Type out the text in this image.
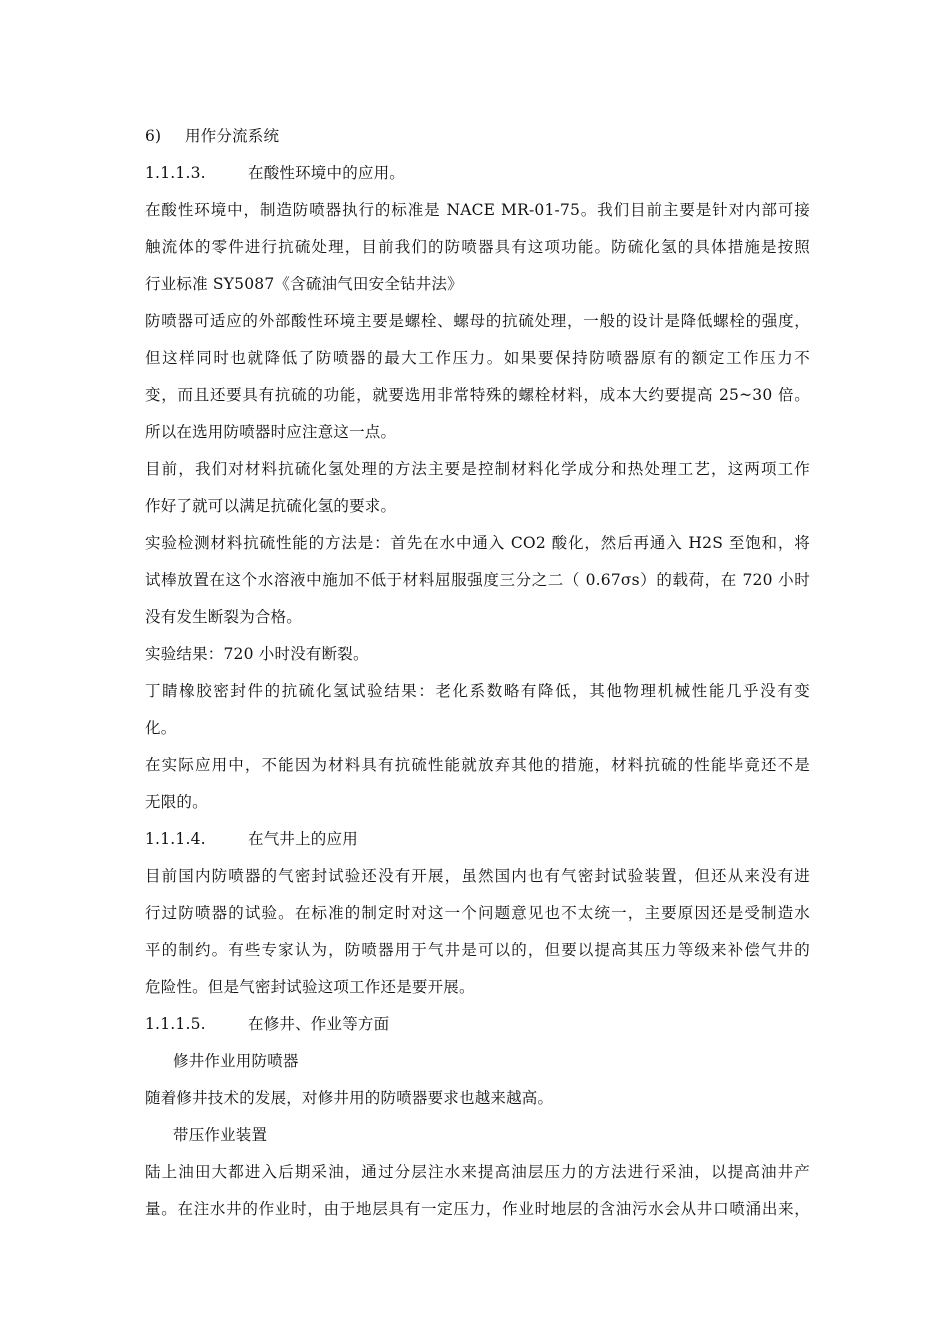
6) 用作分流系统
1.1.1.3.	在酸性环境中的应用。
在酸性环境中，制造防喷器执行的标准是 NACE MR-01-75。我们目前主要是针对内部可接
触流体的零件进行抗硫处理，目前我们的防喷器具有这项功能。防硫化氢的具体措施是按照
行业标准 SY5087《含硫油气田安全钻井法》
防喷器可适应的外部酸性环境主要是螺栓、螺母的抗硫处理，一般的设计是降低螺栓的强度，
但这样同时也就降低了防喷器的最大工作压力。如果要保持防喷器原有的额定工作压力不
变，而且还要具有抗硫的功能，就要选用非常特殊的螺栓材料，成本大约要提高 25~30 倍。
所以在选用防喷器时应注意这一点。
目前，我们对材料抗硫化氢处理的方法主要是控制材料化学成分和热处理工艺，这两项工作
作好了就可以满足抗硫化氢的要求。
实验检测材料抗硫性能的方法是：首先在水中通入 CO2 酸化，然后再通入 H2S 至饱和，将
试棒放置在这个水溶液中施加不低于材料屈服强度三分之二（ 0.67σs）的载荷，在 720 小时
没有发生断裂为合格。
实验结果：720 小时没有断裂。
丁睛橡胶密封件的抗硫化氢试验结果：老化系数略有降低，其他物理机械性能几乎没有变
化。
在实际应用中，不能因为材料具有抗硫性能就放弃其他的措施，材料抗硫的性能毕竟还不是
无限的。
1.1.1.4.	在气井上的应用
目前国内防喷器的气密封试验还没有开展，虽然国内也有气密封试验装置，但还从来没有进
行过防喷器的试验。在标准的制定时对这一个问题意见也不太统一，主要原因还是受制造水
平的制约。有些专家认为，防喷器用于气井是可以的，但要以提高其压力等级来补偿气井的
危险性。但是气密封试验这项工作还是要开展。
1.1.1.5.	在修井、作业等方面
修井作业用防喷器
随着修井技术的发展，对修井用的防喷器要求也越来越高。
带压作业装置
陆上油田大都进入后期采油，通过分层注水来提高油层压力的方法进行采油，以提高油井产
量。在注水井的作业时，由于地层具有一定压力，作业时地层的含油污水会从井口喷涌出来，
